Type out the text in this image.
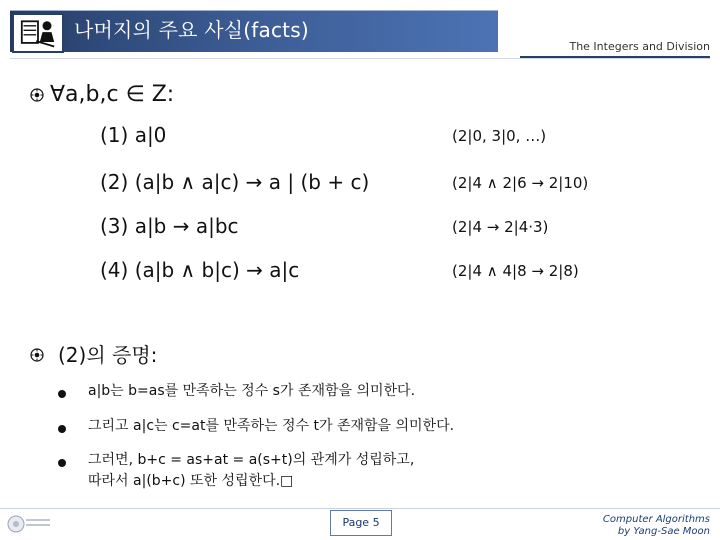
나머지의 주요 사실(facts)
The Integers and Division
∀a,b,c ∈ Z:
(1) a|0	(2|0, 3|0, …)
(2) (a|b ∧ a|c) → a | (b + c)	(2|4 ∧ 2|6 → 2|10)
(3) a|b → a|bc	(2|4 → 2|4·3)
(4) (a|b ∧ b|c) → a|c	(2|4 ∧ 4|8 → 2|8)
(2)의 증명:
a|b는 b=as를 만족하는 정수 s가 존재함을 의미한다.
그리고 a|c는 c=at를 만족하는 정수 t가 존재함을 의미한다.
그러면, b+c = as+at = a(s+t)의 관계가 성립하고,
따라서 a|(b+c) 또한 성립한다.□
Page 5	Computer Algorithms
by Yang-Sae Moon
